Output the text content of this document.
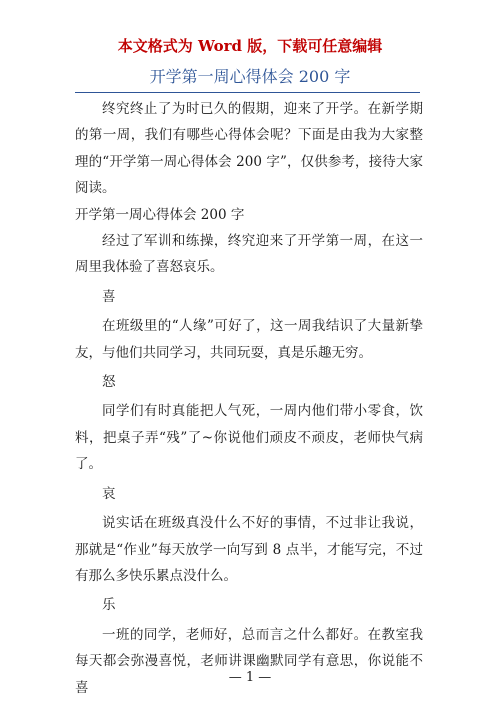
本文格式为 Word 版，下载可任意编辑
开学第一周心得体会 200 字

终究终止了为时已久的假期，迎来了开学。在新学期的第一周，我们有哪些心得体会呢？下面是由我为大家整理的“开学第一周心得体会 200 字”，仅供参考，接待大家阅读。

开学第一周心得体会 200 字

经过了军训和练操，终究迎来了开学第一周，在这一周里我体验了喜怒哀乐。

喜

在班级里的“人缘”可好了，这一周我结识了大量新挚友，与他们共同学习，共同玩耍，真是乐趣无穷。

怒

同学们有时真能把人气死，一周内他们带小零食，饮料，把桌子弄“残”了~你说他们顽皮不顽皮，老师快气病了。

哀

说实话在班级真没什么不好的事情，不过非让我说，那就是“作业”每天放学一向写到 8 点半，才能写完，不过有那么多快乐累点没什么。

乐

一班的同学，老师好，总而言之什么都好。在教室我每天都会弥漫喜悦，老师讲课幽默同学有意思，你说能不喜

— 1 —
